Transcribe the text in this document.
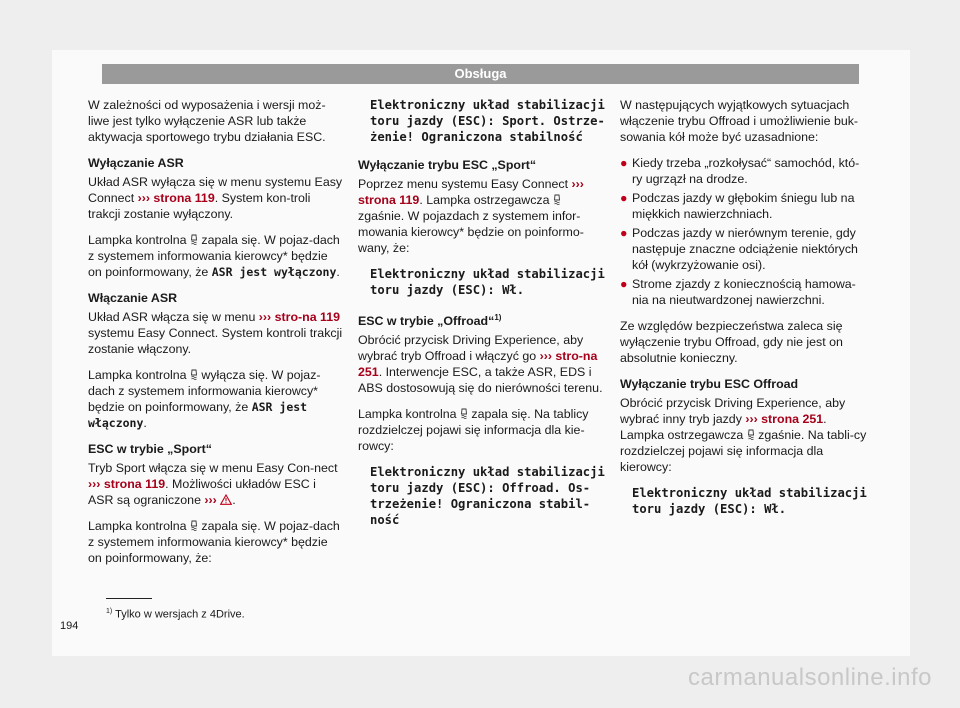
Obsługa

W zależności od wyposażenia i wersji moż-liwe jest tylko wyłączenie ASR lub także aktywacja sportowego trybu działania ESC.

Wyłączanie ASR

Układ ASR wyłącza się w menu systemu Easy Connect ››› strona 119. System kon-troli trakcji zostanie wyłączony.

Lampka kontrolna  zapala się. W pojaz-dach z systemem informowania kierowcy* będzie on poinformowany, że ASR jest wyłączony.

Włączanie ASR

Układ ASR włącza się w menu ››› stro-na 119 systemu Easy Connect. System kontroli trakcji zostanie włączony.

Lampka kontrolna  wyłącza się. W pojaz-dach z systemem informowania kierowcy* będzie on poinformowany, że ASR jest włączony.

ESC w trybie „Sport“

Tryb Sport włącza się w menu Easy Con-nect ››› strona 119. Możliwości układów ESC i ASR są ograniczone ››› .

Lampka kontrolna  zapala się. W pojaz-dach z systemem informowania kierowcy* będzie on poinformowany, że:

Elektroniczny układ stabilizacji toru jazdy (ESC): Sport. Ostrze-żenie! Ograniczona stabilność

Wyłączanie trybu ESC „Sport“

Poprzez menu systemu Easy Connect ››› strona 119. Lampka ostrzegawcza  zgaśnie. W pojazdach z systemem infor-mowania kierowcy* będzie on poinformo-wany, że:

Elektroniczny układ stabilizacji toru jazdy (ESC): Wł.

ESC w trybie „Offroad“$^{1)}$

Obrócić przycisk Driving Experience, aby wybrać tryb Offroad i włączyć go ››› stro-na 251. Interwencje ESC, a także ASR, EDS i ABS dostosowują się do nierówności terenu.

Lampka kontrolna  zapala się. Na tablicy rozdzielczej pojawi się informacja dla kie-rowcy:

Elektroniczny układ stabilizacji toru jazdy (ESC): Offroad. Os-trzeżenie! Ograniczona stabil-ność

W następujących wyjątkowych sytuacjach włączenie trybu Offroad i umożliwienie buk-sowania kół może być uzasadnione:

● Kiedy trzeba „rozkołysać“ samochód, któ-ry ugrzązł na drodze.
● Podczas jazdy w głębokim śniegu lub na miękkich nawierzchniach.
● Podczas jazdy w nierównym terenie, gdy następuje znaczne odciążenie niektórych kół (wykrzyżowanie osi).
● Strome zjazdy z koniecznością hamowa-nia na nieutwardzonej nawierzchni.

Ze względów bezpieczeństwa zaleca się wyłączenie trybu Offroad, gdy nie jest on absolutnie konieczny.

Wyłączanie trybu ESC Offroad

Obrócić przycisk Driving Experience, aby wybrać inny tryb jazdy ››› strona 251. Lampka ostrzegawcza  zgaśnie. Na tabli-cy rozdzielczej pojawi się informacja dla kierowcy:

Elektroniczny układ stabilizacji toru jazdy (ESC): Wł.

$^{1)}$ Tylko w wersjach z 4Drive.
194
carmanualsonline.info
